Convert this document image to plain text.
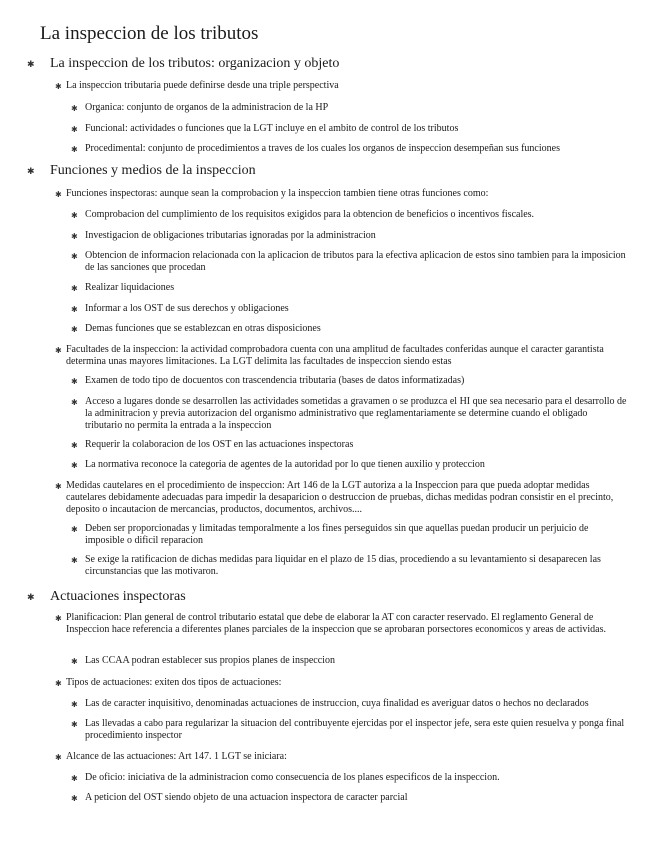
La inspeccion de los tributos
✱ La inspeccion de los tributos: organizacion y objeto
✱ La inspeccion tributaria puede definirse desde una triple perspectiva
✱ Organica: conjunto de organos de la administracion de la HP
✱ Funcional: actividades o funciones que la LGT incluye en el ambito de control de los tributos
✱ Procedimental: conjunto de procedimientos a traves de los cuales los organos de inspeccion desempeñan sus funciones
✱ Funciones y medios de la inspeccion
✱ Funciones inspectoras: aunque sean la comprobacion y la inspeccion tambien tiene otras funciones como:
✱ Comprobacion del cumplimiento de los requisitos exigidos para la obtencion de beneficios o incentivos fiscales.
✱ Investigacion de obligaciones tributarias ignoradas por la administracion
✱ Obtencion de informacion relacionada con la aplicacion de tributos para la efectiva aplicacion de estos sino tambien para la imposicion de las sanciones que procedan
✱ Realizar liquidaciones
✱ Informar a los OST de sus derechos y obligaciones
✱ Demas funciones que se establezcan en otras disposiciones
✱ Facultades de la inspeccion: la actividad comprobadora cuenta con una amplitud de facultades conferidas aunque el caracter garantista determina unas mayores limitaciones. La LGT delimita las facultades de inspeccion siendo estas
✱ Examen de todo tipo de docuentos con trascendencia tributaria (bases de datos informatizadas)
✱ Acceso a lugares donde se desarrollen las actividades sometidas a gravamen o se produzca el HI que sea necesario para el desarrollo de la adminitracion y previa autorizacion del organismo administrativo que reglamentariamente se determine cuando el obligado tributario no permita la entrada a la inspeccion
✱ Requerir la colaboracion de los OST en las actuaciones inspectoras
✱ La normativa reconoce la categoria de agentes de la autoridad por lo que tienen auxilio y proteccion
✱ Medidas cautelares en el procedimiento de inspeccion: Art 146 de la LGT autoriza a la Inspeccion para que pueda adoptar medidas cautelares debidamente adecuadas para impedir la desaparicion o destruccion de pruebas, dichas medidas podran consistir en el precinto, deposito o incautacion de mercancias, productos, documentos, archivos....
✱ Deben ser proporcionadas y limitadas temporalmente a los fines perseguidos sin que aquellas puedan producir un perjuicio de imposible o dificil reparacion
✱ Se exige la ratificacion de dichas medidas para liquidar en el plazo de 15 dias, procediendo a su levantamiento si desaparecen las circunstancias que las motivaron.
✱ Actuaciones inspectoras
✱ Planificacion: Plan general de control tributario estatal que debe de elaborar la AT con caracter reservado. El reglamento General de Inspeccion hace referencia a diferentes planes parciales de la inspeccion que se aprobaran porsectores economicos y areas de actividas.
✱ Las CCAA podran establecer sus propios planes de inspeccion
✱ Tipos de actuaciones: exiten dos tipos de actuaciones:
✱ Las de caracter inquisitivo, denominadas actuaciones de instruccion, cuya finalidad es averiguar datos o hechos no declarados
✱ Las llevadas a cabo para regularizar la situacion del contribuyente ejercidas por el inspector jefe, sera este quien resuelva y ponga final procedimiento inspector
✱ Alcance de las actuaciones: Art 147. 1 LGT se iniciara:
✱ De oficio: iniciativa de la administracion como consecuencia de los planes especificos de la inspeccion.
✱ A peticion del OST siendo objeto de una actuacion inspectora de caracter parcial
